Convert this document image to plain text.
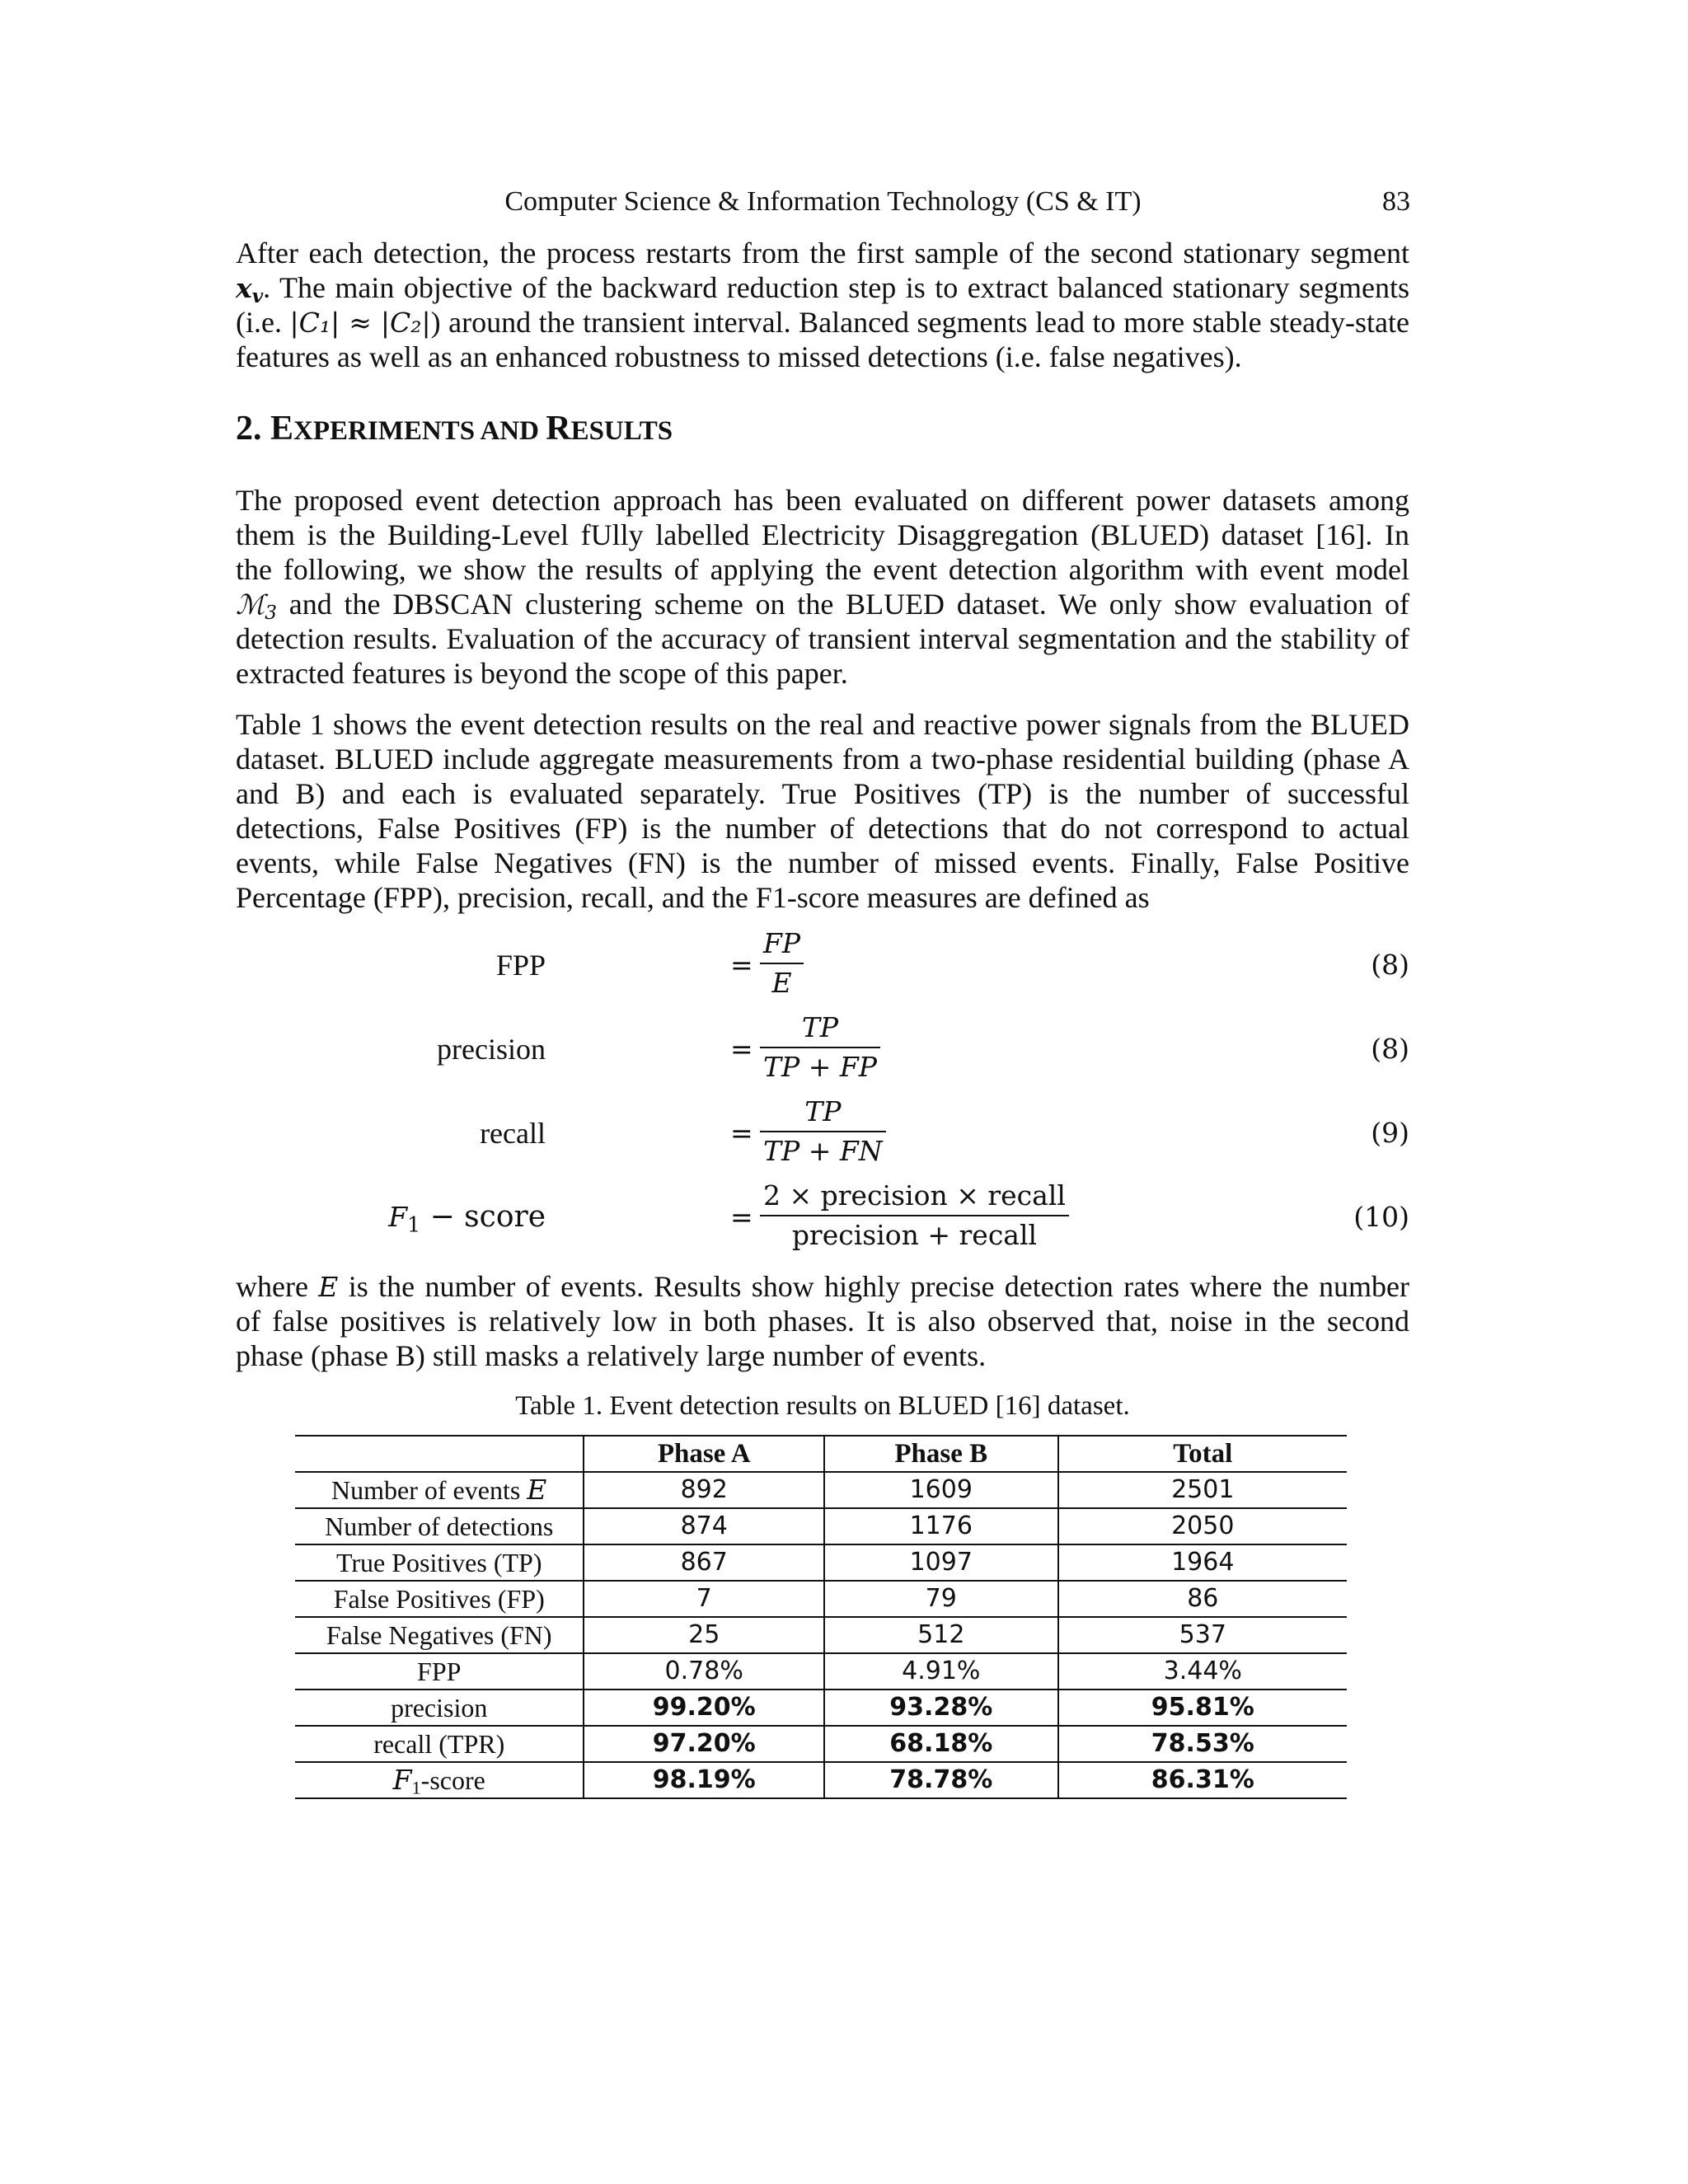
Computer Science & Information Technology (CS & IT)	83
After each detection, the process restarts from the first sample of the second stationary segment
$x_v$. The main objective of the backward reduction step is to extract balanced stationary segments
(i.e. |C₁| ≈ |C₂|) around the transient interval. Balanced segments lead to more stable steady-state
features as well as an enhanced robustness to missed detections (i.e. false negatives).
2. EXPERIMENTS AND RESULTS
The proposed event detection approach has been evaluated on different power datasets among
them is the Building-Level fUlly labelled Electricity Disaggregation (BLUED) dataset [16]. In
the following, we show the results of applying the event detection algorithm with event model
ℳ$_3$ and the DBSCAN clustering scheme on the BLUED dataset. We only show evaluation of
detection results. Evaluation of the accuracy of transient interval segmentation and the stability of
extracted features is beyond the scope of this paper.
Table 1 shows the event detection results on the real and reactive power signals from the BLUED
dataset. BLUED include aggregate measurements from a two-phase residential building (phase A
and B) and each is evaluated separately. True Positives (TP) is the number of successful
detections, False Positives (FP) is the number of detections that do not correspond to actual
events, while False Negatives (FN) is the number of missed events. Finally, False Positive
Percentage (FPP), precision, recall, and the F1-score measures are defined as
FPP	= $\frac{FP}{E}$	(8)
precision	= $\frac{TP}{TP + FP}$	(8)
recall	= $\frac{TP}{TP + FN}$	(9)
$F_1$ − score	=
2 × precision × recall
precision + recall
(10)
where E is the number of events. Results show highly precise detection rates where the number
of false positives is relatively low in both phases. It is also observed that, noise in the second
phase (phase B) still masks a relatively large number of events.
Table 1. Event detection results on BLUED [16] dataset.
	Phase A	Phase B	Total
Number of events E	892	1609	2501
Number of detections	874	1176	2050
True Positives (TP)	867	1097	1964
False Positives (FP)	7	79	86
False Negatives (FN)	25	512	537
FPP	0.78%	4.91%	3.44%
precision	99.20%	93.28%	95.81%
recall (TPR)	97.20%	68.18%	78.53%
$F_1$-score	98.19%	78.78%	86.31%
